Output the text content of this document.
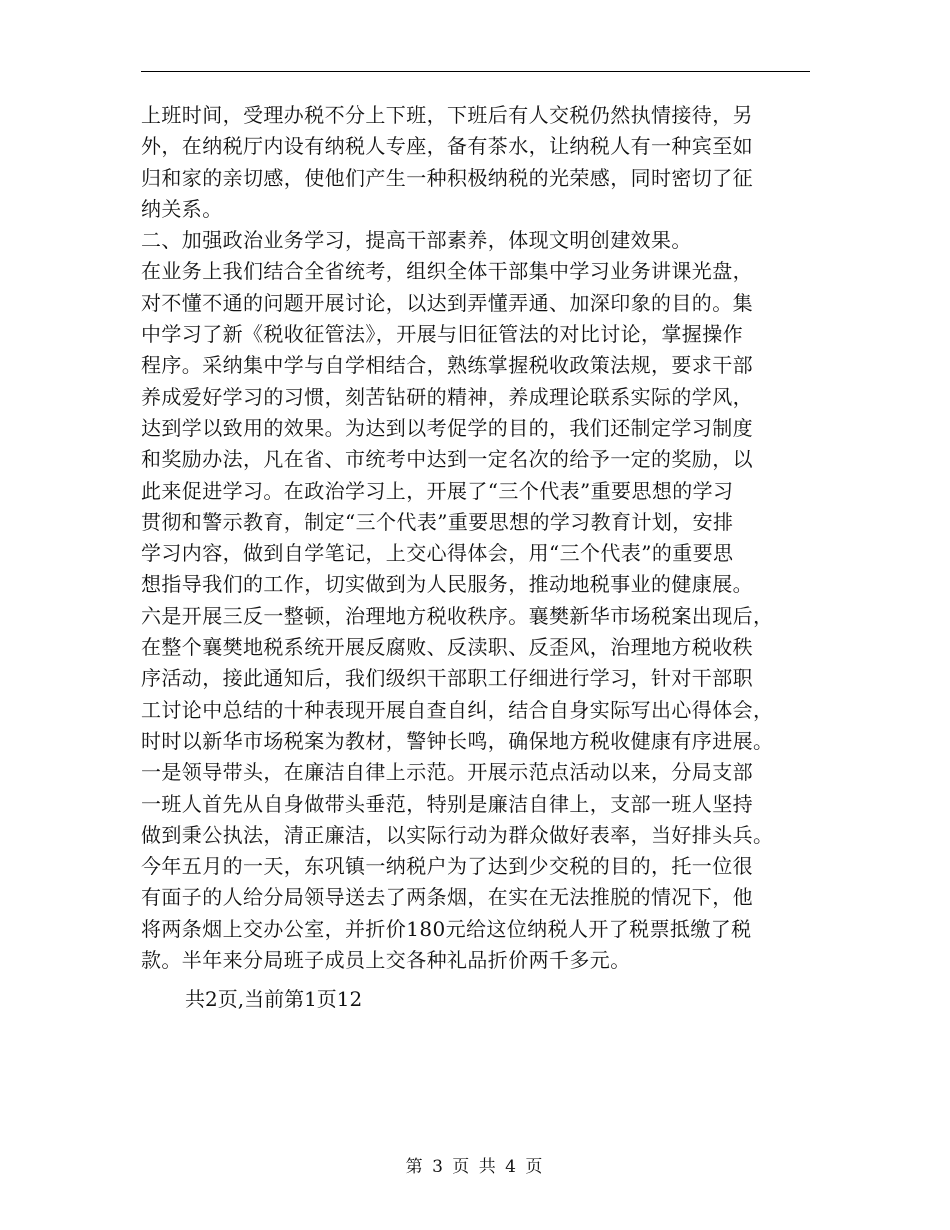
上班时间，受理办税不分上下班，下班后有人交税仍然执情接待，另
外，在纳税厅内设有纳税人专座，备有茶水，让纳税人有一种宾至如
归和家的亲切感，使他们产生一种积极纳税的光荣感，同时密切了征
纳关系。
二、加强政治业务学习，提高干部素养，体现文明创建效果。
在业务上我们结合全省统考，组织全体干部集中学习业务讲课光盘，
对不懂不通的问题开展讨论，以达到弄懂弄通、加深印象的目的。集
中学习了新《税收征管法》，开展与旧征管法的对比讨论，掌握操作
程序。采纳集中学与自学相结合，熟练掌握税收政策法规，要求干部
养成爱好学习的习惯，刻苦钻研的精神，养成理论联系实际的学风，
达到学以致用的效果。为达到以考促学的目的，我们还制定学习制度
和奖励办法，凡在省、市统考中达到一定名次的给予一定的奖励，以
此来促进学习。在政治学习上，开展了“三个代表”重要思想的学习
贯彻和警示教育，制定“三个代表”重要思想的学习教育计划，安排
学习内容，做到自学笔记，上交心得体会，用“三个代表”的重要思
想指导我们的工作，切实做到为人民服务，推动地税事业的健康展。
六是开展三反一整顿，治理地方税收秩序。襄樊新华市场税案出现后，
在整个襄樊地税系统开展反腐败、反渎职、反歪风，治理地方税收秩
序活动，接此通知后，我们级织干部职工仔细进行学习，针对干部职
工讨论中总结的十种表现开展自查自纠，结合自身实际写出心得体会，
时时以新华市场税案为教材，警钟长鸣，确保地方税收健康有序进展。
一是领导带头，在廉洁自律上示范。开展示范点活动以来，分局支部
一班人首先从自身做带头垂范，特别是廉洁自律上，支部一班人坚持
做到秉公执法，清正廉洁，以实际行动为群众做好表率，当好排头兵。
今年五月的一天，东巩镇一纳税户为了达到少交税的目的，托一位很
有面子的人给分局领导送去了两条烟，在实在无法推脱的情况下，他
将两条烟上交办公室，并折价180元给这位纳税人开了税票抵缴了税
款。半年来分局班子成员上交各种礼品折价两千多元。
共2页,当前第1页12
第 3 页 共 4 页
